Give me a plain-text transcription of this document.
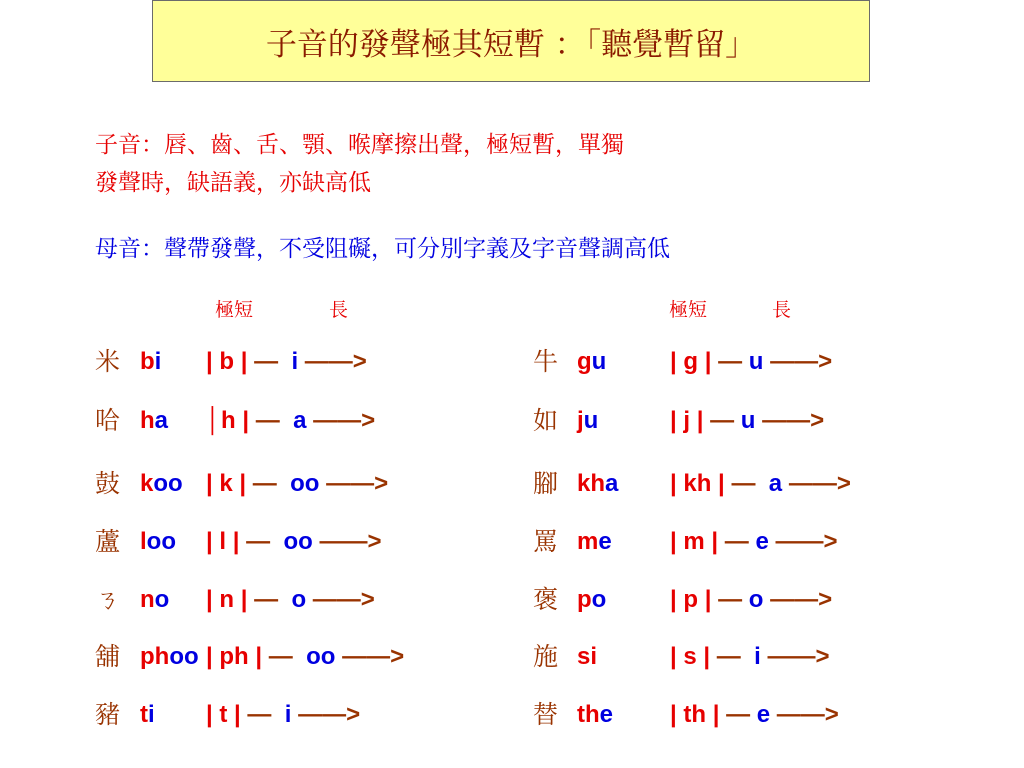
子音的發聲極其短暫 ：「聽覺暫留」
子音：唇、齒、舌、顎、喉摩擦出聲，極短暫，單獨
發聲時，缺語義，亦缺高低
母音：聲帶發聲，不受阻礙，可分別字義及字音聲調高低
極短	長	極短	長
米 bi | b | —  i ——>	牛 gu	| g | — u ——>
哈 ha │h | —  a ——>	如 ju	| j | — u ——>
鼓 koo | k | —  oo ——>	腳 kha | kh | —  a ——>
蘆 loo | l | —  oo ——>	罵 me | m | — e ——>
ㄋ no | n | —  o ——>	褒 po	| p | — o ——>
舖 phoo | ph | —  oo ——>	施 si	| s | —  i ——>
豬 ti | t | —  i ——>	替 the | th | — e ——>
